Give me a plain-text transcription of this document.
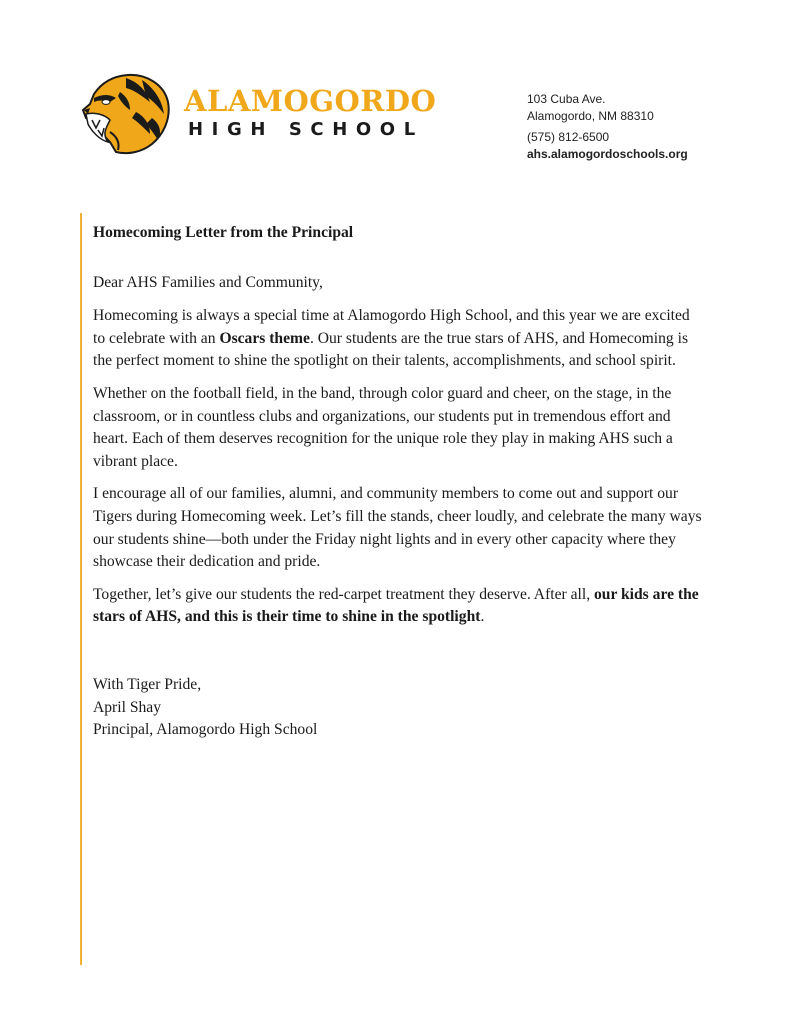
ALAMOGORDO
HIGH SCHOOL
103 Cuba Ave.
Alamogordo, NM 88310
(575) 812-6500
ahs.alamogordoschools.org

Homecoming Letter from the Principal

Dear AHS Families and Community,

Homecoming is always a special time at Alamogordo High School, and this year we are excited to celebrate with an Oscars theme. Our students are the true stars of AHS, and Homecoming is the perfect moment to shine the spotlight on their talents, accomplishments, and school spirit.

Whether on the football field, in the band, through color guard and cheer, on the stage, in the classroom, or in countless clubs and organizations, our students put in tremendous effort and heart. Each of them deserves recognition for the unique role they play in making AHS such a vibrant place.

I encourage all of our families, alumni, and community members to come out and support our Tigers during Homecoming week. Let’s fill the stands, cheer loudly, and celebrate the many ways our students shine—both under the Friday night lights and in every other capacity where they showcase their dedication and pride.

Together, let’s give our students the red-carpet treatment they deserve. After all, our kids are the stars of AHS, and this is their time to shine in the spotlight.

With Tiger Pride,
April Shay
Principal, Alamogordo High School
